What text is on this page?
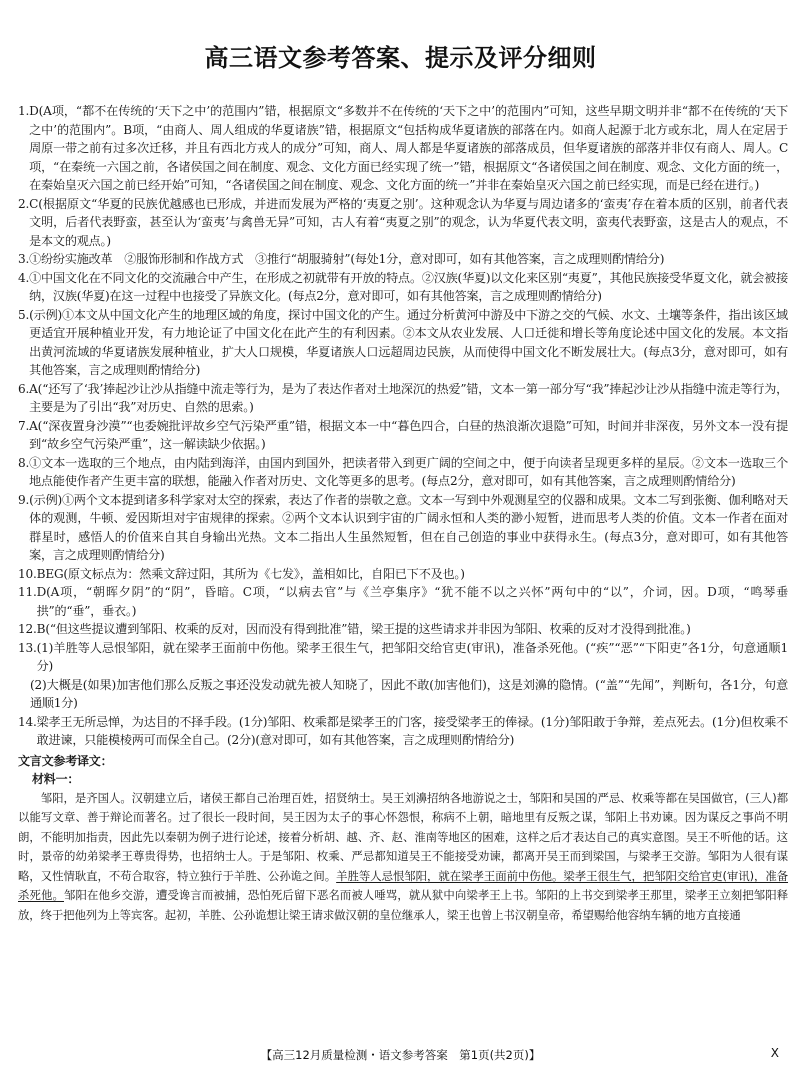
高三语文参考答案、提示及评分细则
1. D(A项，“都不在传统的‘天下之中’的范围内”错，根据原文“多数并不在传统的‘天下之中’的范围内”可知，这些早期文明并非“都不在传统的‘天下之中’的范围内”。B项，“由商人、周人组成的华夏诸族”错，根据原文“包括构成华夏诸族的部落在内。如商人起源于北方或东北，周人在定居于周原一带之前有过多次迁移，并且有西北方戎人的成分”可知，商人、周人都是华夏诸族的部落成员，但华夏诸族的部落并非仅有商人、周人。C项，“在秦统一六国之前，各诸侯国之间在制度、观念、文化方面已经实现了统一”错，根据原文“各诸侯国之间在制度、观念、文化方面的统一，在秦始皇灭六国之前已经开始”可知，“各诸侯国之间在制度、观念、文化方面的统一”并非在秦始皇灭六国之前已经实现，而是已经在进行。)
2. C(根据原文“华夏的民族优越感也已形成，并进而发展为严格的‘夷夏之别’。这种观念认为华夏与周边诸多的‘蛮夷’存在着本质的区别，前者代表文明，后者代表野蛮，甚至认为‘蛮夷’与禽兽无异”可知，古人有着“夷夏之别”的观念，认为华夏代表文明，蛮夷代表野蛮，这是古人的观点，不是本文的观点。)
3. ①纷纷实施改革　②服饰形制和作战方式　③推行“胡服骑射”(每处1分，意对即可，如有其他答案，言之成理则酌情给分)
4. ①中国文化在不同文化的交流融合中产生，在形成之初就带有开放的特点。②汉族(华夏)以文化来区别“夷夏”，其他民族接受华夏文化，就会被接纳，汉族(华夏)在这一过程中也接受了异族文化。(每点2分，意对即可，如有其他答案，言之成理则酌情给分)
5. (示例)①本文从中国文化产生的地理区域的角度，探讨中国文化的产生。通过分析黄河中游及中下游之交的气候、水文、土壤等条件，指出该区域更适宜开展种植业开发，有力地论证了中国文化在此产生的有利因素。②本文从农业发展、人口迁徙和增长等角度论述中国文化的发展。本文指出黄河流域的华夏诸族发展种植业，扩大人口规模，华夏诸族人口远超周边民族，从而使得中国文化不断发展壮大。(每点3分，意对即可，如有其他答案，言之成理则酌情给分)
6. A(“还写了‘我’捧起沙让沙从指缝中流走等行为，是为了表达作者对土地深沉的热爱”错，文本一第一部分写“我”捧起沙让沙从指缝中流走等行为，主要是为了引出“我”对历史、自然的思索。)
7. A(“深夜置身沙漠”“也委婉批评故乡空气污染严重”错，根据文本一中“暮色四合，白昼的热浪渐次退隐”可知，时间并非深夜，另外文本一没有提到“故乡空气污染严重”，这一解读缺少依据。)
8. ①文本一选取的三个地点，由内陆到海洋，由国内到国外，把读者带入到更广阔的空间之中，便于向读者呈现更多样的星辰。②文本一选取三个地点能使作者产生更丰富的联想，能融入作者对历史、文化等更多的思考。(每点2分，意对即可，如有其他答案，言之成理则酌情给分)
9. (示例)①两个文本提到诸多科学家对太空的探索，表达了作者的崇敬之意。文本一写到中外观测星空的仪器和成果。文本二写到张衡、伽利略对天体的观测，牛顿、爱因斯坦对宇宙规律的探索。②两个文本认识到宇宙的广阔永恒和人类的渺小短暂，进而思考人类的价值。文本一作者在面对群星时，感悟人的价值来自其自身输出光热。文本二指出人生虽然短暂，但在自己创造的事业中获得永生。(每点3分，意对即可，如有其他答案，言之成理则酌情给分)
10. BEG(原文标点为：然乘文辞过阳，其所为《七发》，盖相如比，自阳已下不及也。)
11. D(A项，“朝晖夕阴”的“阴”，昏暗。C项，“以病去官”与《兰亭集序》“犹不能不以之兴怀”两句中的“以”，介词，因。D项，“鸣琴垂拱”的“垂”，垂衣。)
12. B(“但这些提议遭到邹阳、枚乘的反对，因而没有得到批准”错，梁王提的这些请求并非因为邹阳、枚乘的反对才没得到批准。)
13. (1)羊胜等人忌恨邹阳，就在梁孝王面前中伤他。梁孝王很生气，把邹阳交给官吏(审讯)，准备杀死他。(“疾”“恶”“下阳吏”各1分，句意通顺1分)
(2)大概是(如果)加害他们那么反叛之事还没发动就先被人知晓了，因此不敢(加害他们)，这是刘濞的隐情。(“盖”“先闻”，判断句，各1分，句意通顺1分)
14. 梁孝王无所忌惮，为达目的不择手段。(1分)邹阳、枚乘都是梁孝王的门客，接受梁孝王的俸禄。(1分)邹阳敢于争辩，差点死去。(1分)但枚乘不敢进谏，只能模棱两可而保全自己。(2分)(意对即可，如有其他答案，言之成理则酌情给分)
文言文参考译文：
材料一：
邹阳，是齐国人。汉朝建立后，诸侯王都自己治理百姓，招贤纳士。吴王刘濞招纳各地游说之士，邹阳和吴国的严忌、枚乘等都在吴国做官，(三人)都以能写文章、善于辩论而著名。过了很长一段时间，吴王因为太子的事心怀怨恨，称病不上朝，暗地里有反叛之谋，邹阳上书劝谏。因为谋反之事尚不明朗，不能明加指责，因此先以秦朝为例子进行论述，接着分析胡、越、齐、赵、淮南等地区的困难，这样之后才表达自己的真实意图。吴王不听他的话。这时，景帝的幼弟梁孝王尊贵得势，也招纳士人。于是邹阳、枚乘、严忌都知道吴王不能接受劝谏，都离开吴王而到梁国，与梁孝王交游。邹阳为人很有谋略，又性情耿直，不苟合取容，特立独行于羊胜、公孙诡之间。羊胜等人忌恨邹阳，就在梁孝王面前中伤他。梁孝王很生气，把邹阳交给官吏(审讯)，准备杀死他。邹阳在他乡交游，遭受谗言而被捕，恐怕死后留下恶名而被人唾骂，就从狱中向梁孝王上书。邹阳的上书交到梁孝王那里，梁孝王立刻把邹阳释放，终于把他列为上等宾客。起初，羊胜、公孙诡想让梁王请求做汉朝的皇位继承人，梁王也曾上书汉朝皇帝，希望赐给他容纳车辆的地方直接通
【高三12月质量检测・语文参考答案　第1页(共2页)】	X
